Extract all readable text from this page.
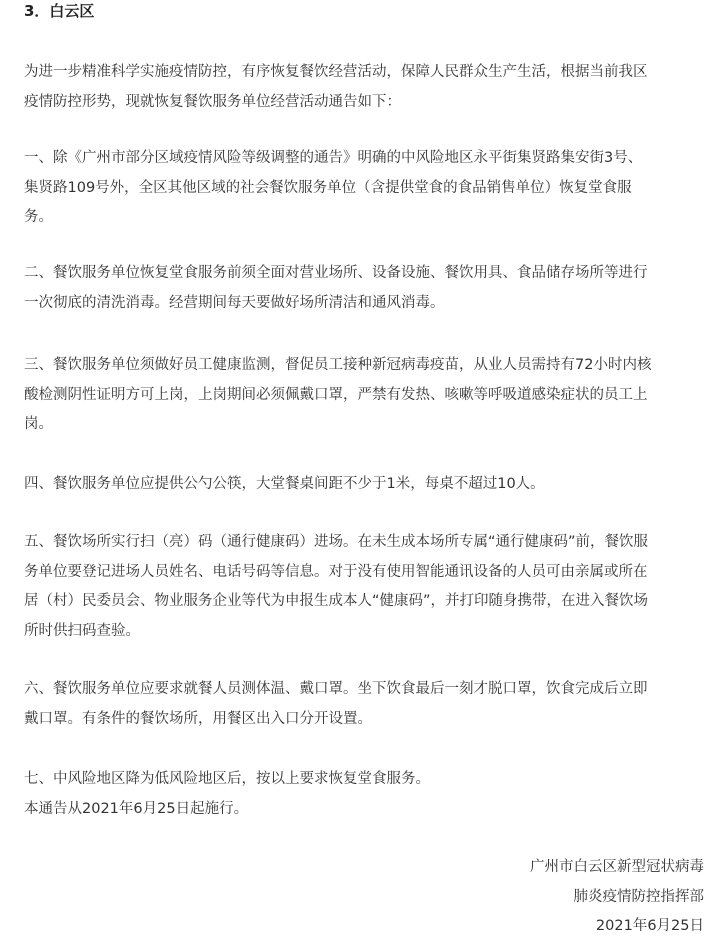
3．白云区

为进一步精准科学实施疫情防控，有序恢复餐饮经营活动，保障人民群众生产生活，根据当前我区
疫情防控形势，现就恢复餐饮服务单位经营活动通告如下：

一、除《广州市部分区域疫情风险等级调整的通告》明确的中风险地区永平街集贤路集安街3号、
集贤路109号外，全区其他区域的社会餐饮服务单位（含提供堂食的食品销售单位）恢复堂食服
务。

二、餐饮服务单位恢复堂食服务前须全面对营业场所、设备设施、餐饮用具、食品储存场所等进行
一次彻底的清洗消毒。经营期间每天要做好场所清洁和通风消毒。

三、餐饮服务单位须做好员工健康监测，督促员工接种新冠病毒疫苗，从业人员需持有72小时内核
酸检测阴性证明方可上岗，上岗期间必须佩戴口罩，严禁有发热、咳嗽等呼吸道感染症状的员工上
岗。

四、餐饮服务单位应提供公勺公筷，大堂餐桌间距不少于1米，每桌不超过10人。

五、餐饮场所实行扫（亮）码（通行健康码）进场。在未生成本场所专属“通行健康码”前，餐饮服
务单位要登记进场人员姓名、电话号码等信息。对于没有使用智能通讯设备的人员可由亲属或所在
居（村）民委员会、物业服务企业等代为申报生成本人“健康码”，并打印随身携带，在进入餐饮场
所时供扫码查验。

六、餐饮服务单位应要求就餐人员测体温、戴口罩。坐下饮食最后一刻才脱口罩，饮食完成后立即
戴口罩。有条件的餐饮场所，用餐区出入口分开设置。

七、中风险地区降为低风险地区后，按以上要求恢复堂食服务。
本通告从2021年6月25日起施行。

广州市白云区新型冠状病毒
肺炎疫情防控指挥部
2021年6月25日
